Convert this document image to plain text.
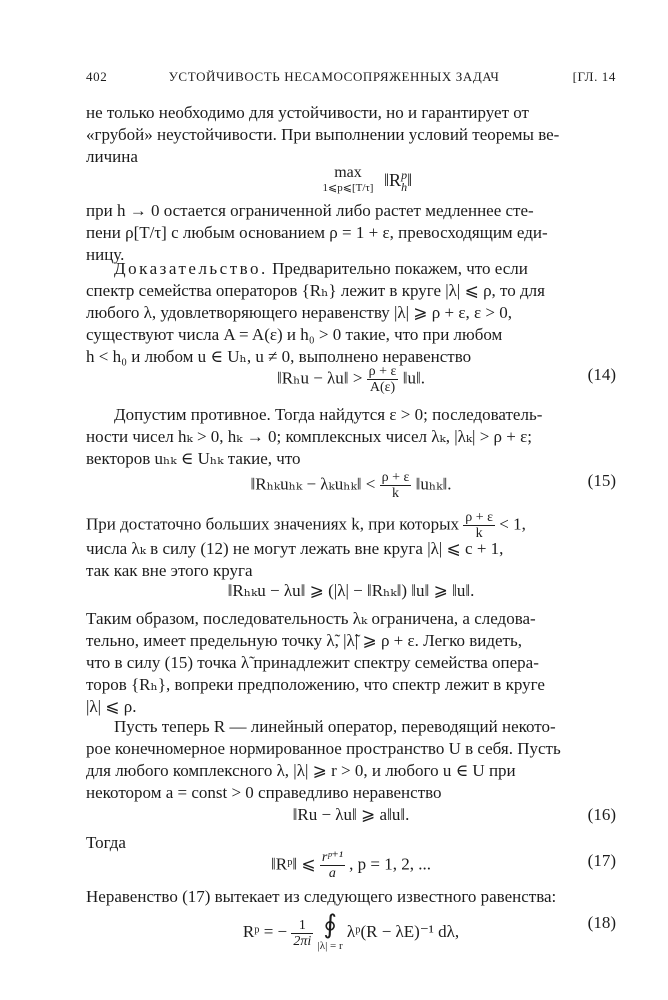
402	УСТОЙЧИВОСТЬ НЕСАМОСОПРЯЖЕННЫХ ЗАДАЧ	[ГЛ. 14
не только необходимо для устойчивости, но и гарантирует от
«грубой» неустойчивости. При выполнении условий теоремы ве-
личина
max
1⩽p⩽[T/τ] $‖R^p_h‖$
при h → 0 остается ограниченной либо растет медленнее сте-
пени ρ[T/τ] с любым основанием ρ = 1 + ε, превосходящим еди-
ницу.
Доказательство. Предварительно покажем, что если
спектр семейства операторов {Rₕ} лежит в круге |λ| ⩽ ρ, то для
любого λ, удовлетворяющего неравенству |λ| ⩾ ρ + ε, ε > 0,
существуют числа A = A(ε) и h₀ > 0 такие, что при любом
h < h₀ и любом u ∈ Uₕ, u ≠ 0, выполнено неравенство
‖Rₕu − λu‖ > $\frac{\rho + \varepsilon}{A(\varepsilon)}$ ‖u‖.	(14)
Допустим противное. Тогда найдутся ε > 0; последователь-
ности чисел hₖ > 0, hₖ → 0; комплексных чисел λₖ, |λₖ| > ρ + ε;
векторов uₕₖ ∈ Uₕₖ такие, что
‖Rₕₖuₕₖ − λₖuₕₖ‖ < $\frac{\rho + \varepsilon}{k}$ ‖uₕₖ‖.	(15)
При достаточно больших значениях k, при которых $\frac{\rho + \varepsilon}{k} < 1$,
числа λₖ в силу (12) не могут лежать вне круга |λ| ⩽ c + 1,
так как вне этого круга
‖Rₕₖu − λu‖ ⩾ (|λ| − ‖Rₕₖ‖) ‖u‖ ⩾ ‖u‖.
Таким образом, последовательность λₖ ограничена, а следова-
тельно, имеет предельную точку λ̃, |λ̃| ⩾ ρ + ε. Легко видеть,
что в силу (15) точка λ̃ принадлежит спектру семейства опера-
торов {Rₕ}, вопреки предположению, что спектр лежит в круге
|λ| ⩽ ρ.
Пусть теперь R — линейный оператор, переводящий некото-
рое конечномерное нормированное пространство U в себя. Пусть
для любого комплексного λ, |λ| ⩾ r > 0, и любого u ∈ U при
некотором a = const > 0 справедливо неравенство
‖Ru − λu‖ ⩾ a‖u‖.	(16)
Тогда
‖Rᵖ‖ ⩽ $\frac{\text{rᵖ⁺¹}}{a}$ , p = 1, 2, ...	(17)
Неравенство (17) вытекает из следующего известного равенства:
Rᵖ = − $\frac{1}{2\pi i}$
∮
|λ| = r
λᵖ(R − λE)⁻¹ dλ,	(18)
